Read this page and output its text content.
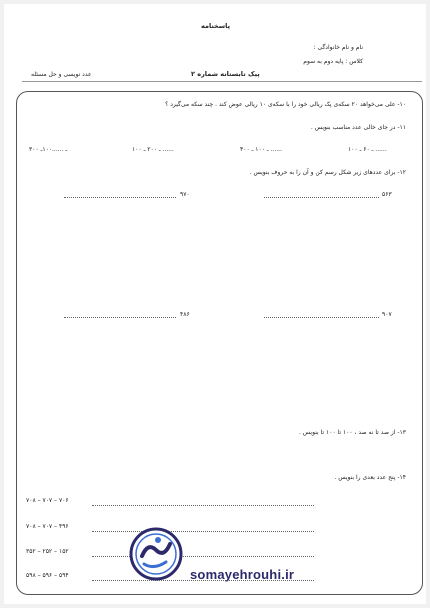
پاسخنامه
نام و نام خانوادگی :
کلاس : پایه دوم به سوم
پیک تابستانه شماره ۲
عدد نویسی و حل مسئله
۱۰- علی می‌خواهد ۲۰ سکه‌ی پک ریالی خود را با سکه‌ی ۱۰ ریالی عوض کند . چند سکه می‌گیرد ؟
۱۱- در جای خالی عدد مناسب بنویس .
۱۰۰ ـ ۶۰ ـ ......
۴۰۰ ـ ۱۰۰ ـ ......
۱۰۰ ـ ۲۰۰ ـ ......
۳۰۰ ـ ......۱۰۰ـ
۱۲- برای عددهای زیر شکل رسم کن و آن را به حروف بنویس .
۵۶۳
۹۷۰
۹۰۷
۴۸۶
۱۳- از صد تا نه صد ، ۱۰۰ تا ۱۰۰ تا بنویس .
۱۴- پنج عدد بعدی را بنویس .
۷۰۸ – ۷۰۷ – ۷۰۶
۷۰۸ – ۷۰۷ – ۴۹۶
۳۵۲ – ۲۵۲ – ۱۵۲
۵۹۸ – ۵۹۶ – ۵۹۴	somayehrouhi.ir
